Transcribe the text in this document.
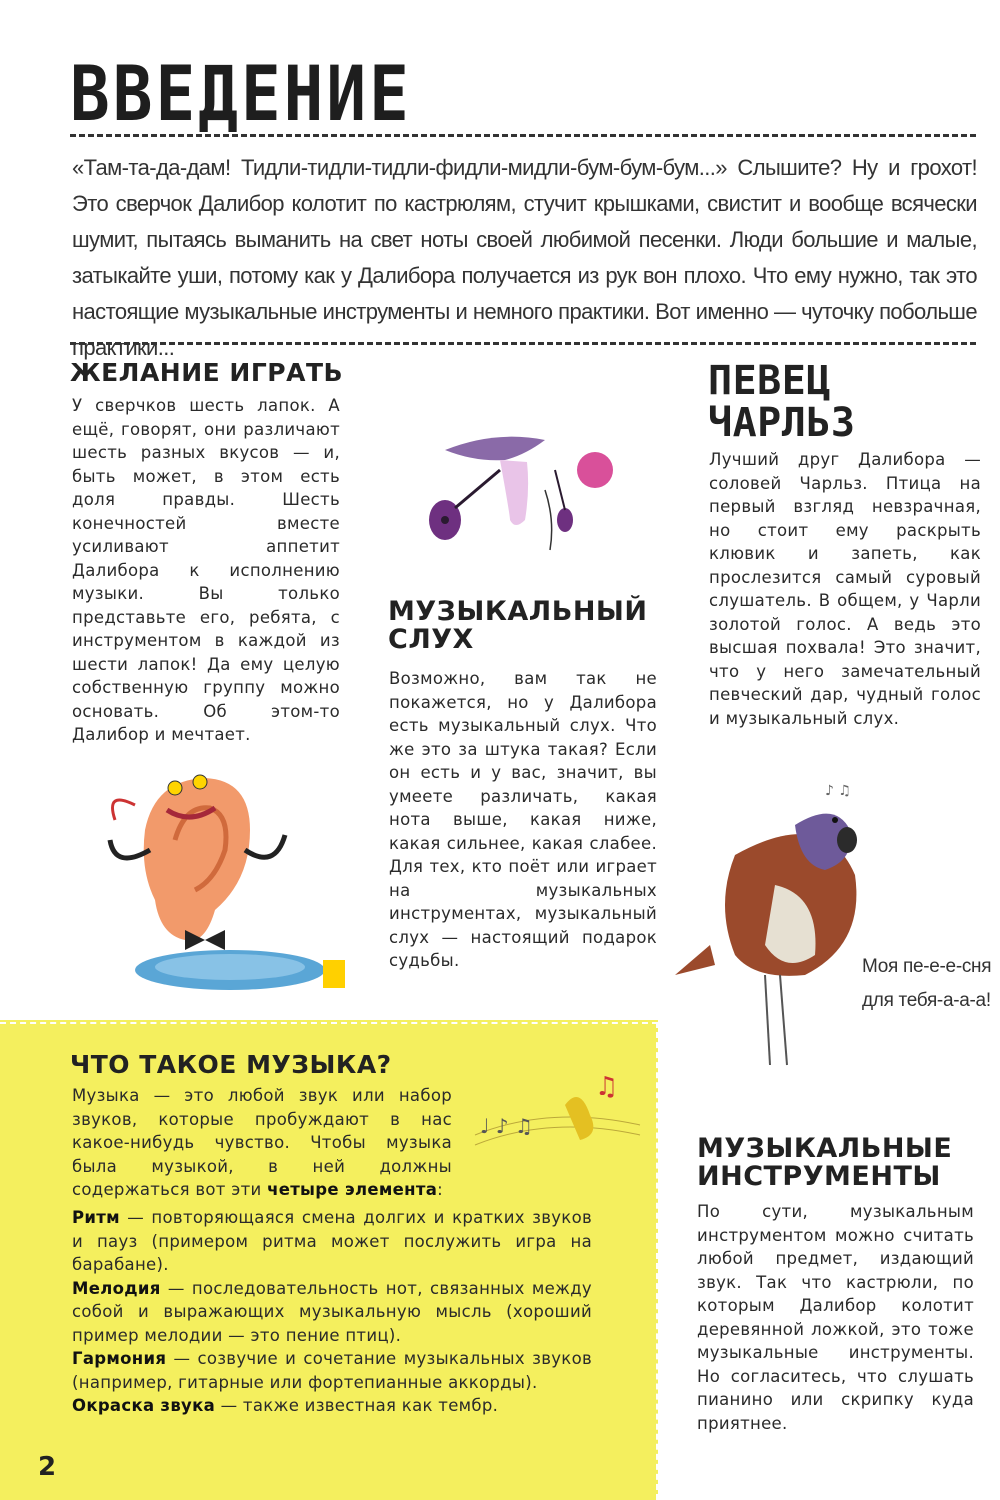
ВВЕДЕНИЕ
«Там-та-да-дам! Тидли-тидли-тидли-фидли-мидли-бум-бум-бум...» Слышите? Ну и грохот! Это сверчок Далибор колотит по кастрюлям, стучит крышками, свистит и вообще всячески шумит, пытаясь выманить на свет ноты своей любимой песенки. Люди большие и малые, затыкайте уши, потому как у Далибора получается из рук вон плохо. Что ему нужно, так это настоящие музыкальные инструменты и немного практики. Вот именно — чуточку побольше практики...
ЖЕЛАНИЕ ИГРАТЬ
У сверчков шесть лапок. А ещё, говорят, они различают шесть разных вкусов — и, быть может, в этом есть доля правды. Шесть конечностей вместе усиливают аппетит Далибора к исполнению музыки. Вы только представьте его, ребята, с инструментом в каждой из шести лапок! Да ему целую собственную группу можно основать. Об этом-то Далибор и мечтает.
МУЗЫКАЛЬНЫЙ
СЛУХ
Возможно, вам так не покажется, но у Далибора есть музыкальный слух. Что же это за штука такая? Если он есть и у вас, значит, вы умеете различать, какая нота выше, какая ниже, какая сильнее, какая слабее. Для тех, кто поёт или играет на музыкальных инструментах, музыкальный слух — настоящий подарок судьбы.
ПЕВЕЦ
ЧАРЛЬЗ
Лучший друг Далибора — соловей Чарльз. Птица на первый взгляд невзрачная, но стоит ему раскрыть клювик и запеть, как прослезится самый суровый слушатель. В общем, у Чарли золотой голос. А ведь это высшая похвала! Это значит, что у него замечательный певческий дар, чудный голос и музыкальный слух.
♪ ♫
Моя пе-е-е-сня
для тебя-а-а-а!
ЧТО ТАКОЕ МУЗЫКА?
Музыка — это любой звук или набор звуков, которые пробуждают в нас какое-нибудь чувство. Чтобы музыка была музыкой, в ней должны содержаться вот эти четыре элемента:
Ритм — повторяющаяся смена долгих и кратких звуков и пауз (примером ритма может послужить игра на барабане).
Мелодия — последовательность нот, связанных между собой и выражающих музыкальную мысль (хороший пример мелодии — это пение птиц).
Гармония — созвучие и сочетание музыкальных звуков (например, гитарные или фортепианные аккорды).
Окраска звука — также известная как тембр.
♩ ♪ ♫
♫
МУЗЫКАЛЬНЫЕ
ИНСТРУМЕНТЫ
По сути, музыкальным инструментом можно считать любой предмет, издающий звук. Так что кастрюли, по которым Далибор колотит деревянной ложкой, это тоже музыкальные инструменты. Но согласитесь, что слушать пианино или скрипку куда приятнее.
2
